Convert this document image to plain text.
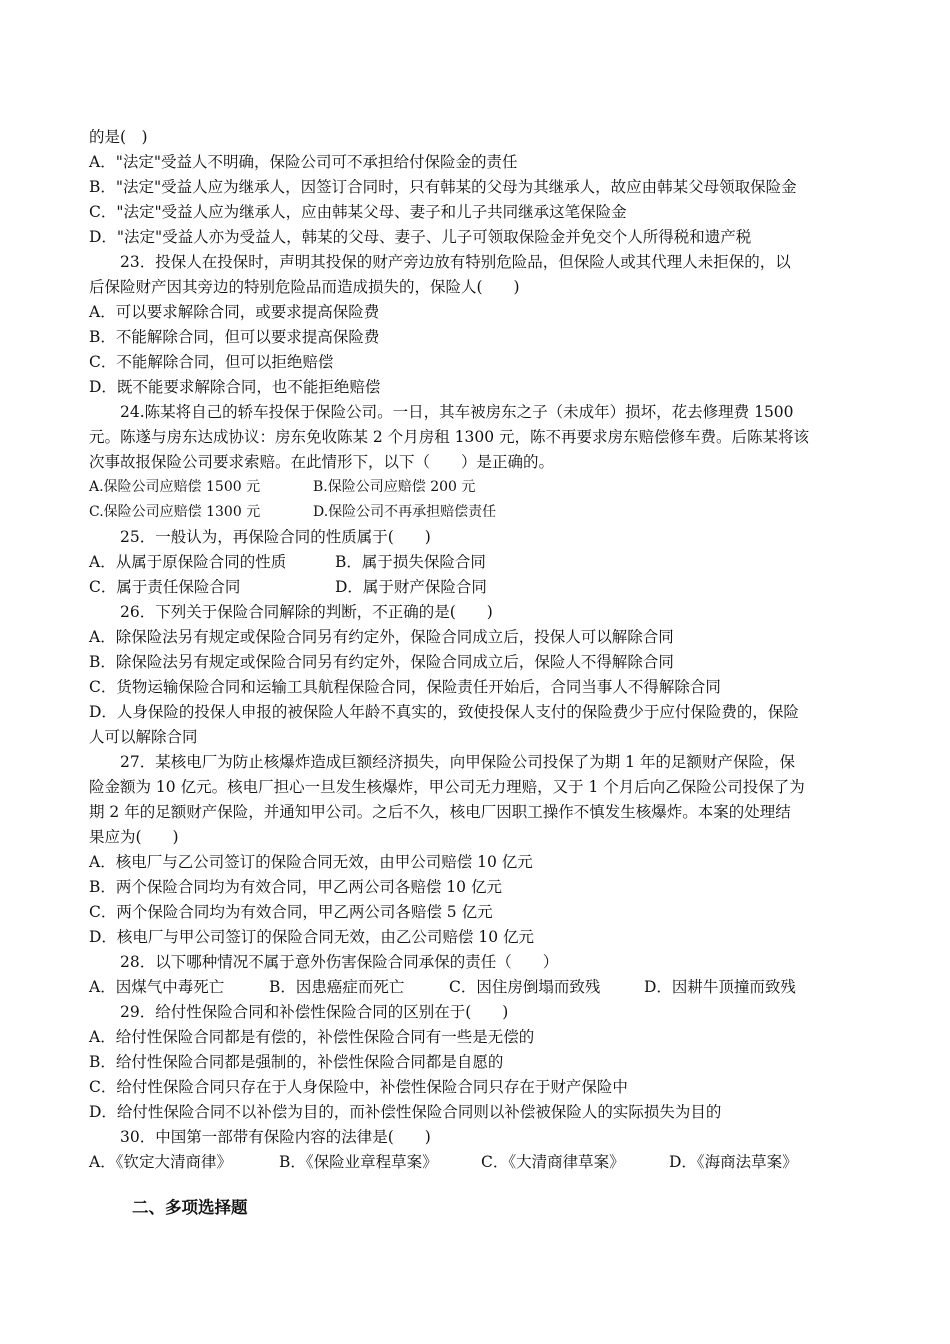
的是(　)
A．"法定"受益人不明确，保险公司可不承担给付保险金的责任
B．"法定"受益人应为继承人，因签订合同时，只有韩某的父母为其继承人，故应由韩某父母领取保险金
C．"法定"受益人应为继承人，应由韩某父母、妻子和儿子共同继承这笔保险金
D．"法定"受益人亦为受益人，韩某的父母、妻子、儿子可领取保险金并免交个人所得税和遗产税
23．投保人在投保时，声明其投保的财产旁边放有特别危险品，但保险人或其代理人未拒保的，以
后保险财产因其旁边的特别危险品而造成损失的，保险人(　　)
A．可以要求解除合同，或要求提高保险费
B．不能解除合同，但可以要求提高保险费
C．不能解除合同，但可以拒绝赔偿
D．既不能要求解除合同，也不能拒绝赔偿
24.陈某将自己的轿车投保于保险公司。一日，其车被房东之子（未成年）损坏，花去修理费 1500
元。陈遂与房东达成协议：房东免收陈某 2 个月房租 1300 元，陈不再要求房东赔偿修车费。后陈某将该
次事故报保险公司要求索赔。在此情形下，以下（　　）是正确的。
A.保险公司应赔偿 1500 元	B.保险公司应赔偿 200 元
C.保险公司应赔偿 1300 元	D.保险公司不再承担赔偿责任
25．一般认为，再保险合同的性质属于(　　)
A．从属于原保险合同的性质	B．属于损失保险合同
C．属于责任保险合同	D．属于财产保险合同
26．下列关于保险合同解除的判断，不正确的是(　　)
A．除保险法另有规定或保险合同另有约定外，保险合同成立后，投保人可以解除合同
B．除保险法另有规定或保险合同另有约定外，保险合同成立后，保险人不得解除合同
C．货物运输保险合同和运输工具航程保险合同，保险责任开始后，合同当事人不得解除合同
D．人身保险的投保人申报的被保险人年龄不真实的，致使投保人支付的保险费少于应付保险费的，保险
人可以解除合同
27．某核电厂为防止核爆炸造成巨额经济损失，向甲保险公司投保了为期 1 年的足额财产保险，保
险金额为 10 亿元。核电厂担心一旦发生核爆炸，甲公司无力理赔，又于 1 个月后向乙保险公司投保了为
期 2 年的足额财产保险，并通知甲公司。之后不久，核电厂因职工操作不慎发生核爆炸。本案的处理结
果应为(　　)
A．核电厂与乙公司签订的保险合同无效，由甲公司赔偿 10 亿元
B．两个保险合同均为有效合同，甲乙两公司各赔偿 10 亿元
C．两个保险合同均为有效合同，甲乙两公司各赔偿 5 亿元
D．核电厂与甲公司签订的保险合同无效，由乙公司赔偿 10 亿元
28．以下哪种情况不属于意外伤害保险合同承保的责任（　　）
A．因煤气中毒死亡	B．因患癌症而死亡	C．因住房倒塌而致残	D．因耕牛顶撞而致残
29．给付性保险合同和补偿性保险合同的区别在于(　　)
A．给付性保险合同都是有偿的，补偿性保险合同有一些是无偿的
B．给付性保险合同都是强制的，补偿性保险合同都是自愿的
C．给付性保险合同只存在于人身保险中，补偿性保险合同只存在于财产保险中
D．给付性保险合同不以补偿为目的，而补偿性保险合同则以补偿被保险人的实际损失为目的
30．中国第一部带有保险内容的法律是(　　)
A．《钦定大清商律》	B．《保险业章程草案》	C．《大清商律草案》	D．《海商法草案》
二、多项选择题
